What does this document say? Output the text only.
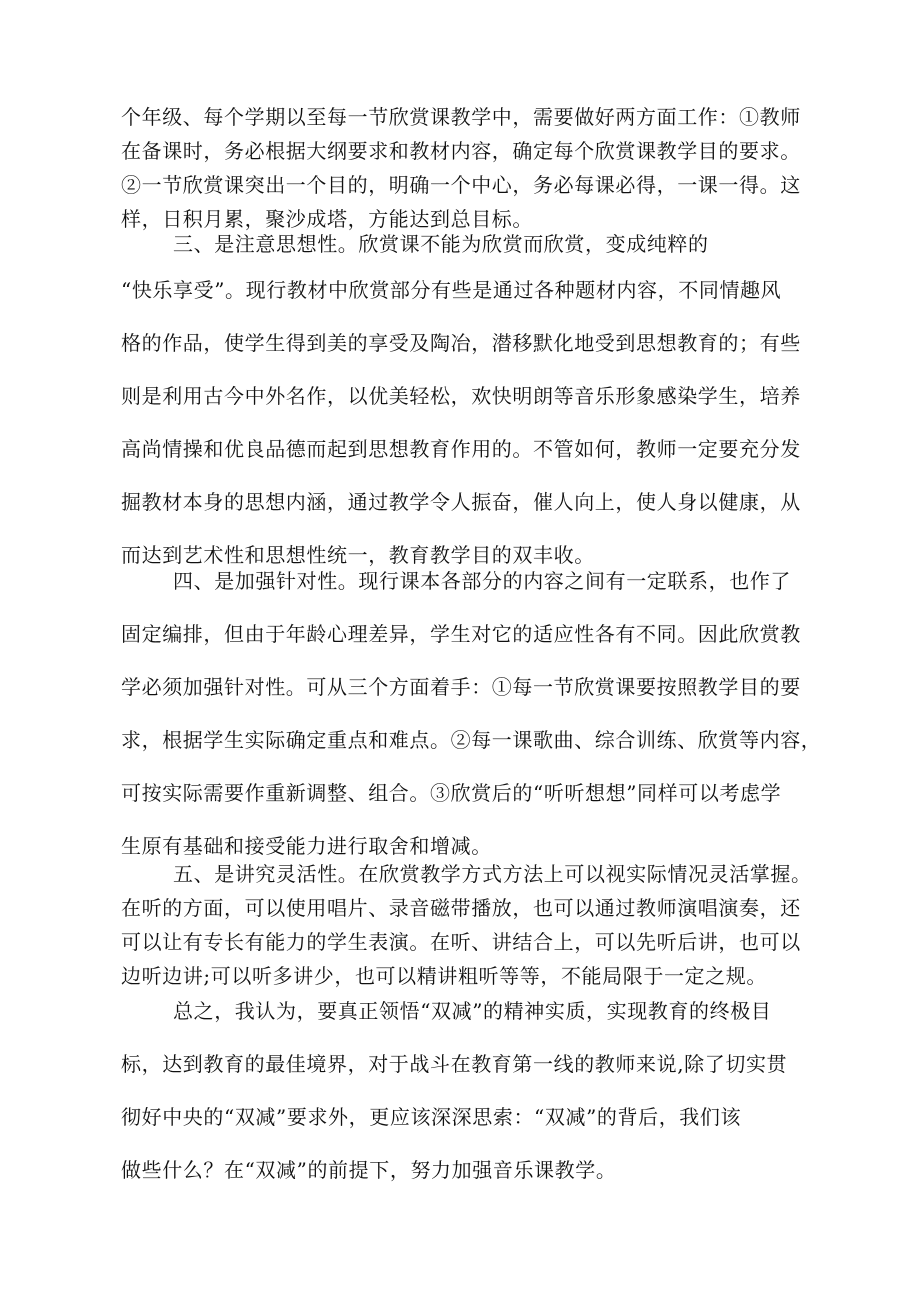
个年级、每个学期以至每一节欣赏课教学中，需要做好两方面工作：①教师
在备课时，务必根据大纲要求和教材内容，确定每个欣赏课教学目的要求。
②一节欣赏课突出一个目的，明确一个中心，务必每课必得，一课一得。这
样，日积月累，聚沙成塔，方能达到总目标。
三、是注意思想性。欣赏课不能为欣赏而欣赏，变成纯粹的
“快乐享受”。现行教材中欣赏部分有些是通过各种题材内容，不同情趣风
格的作品，使学生得到美的享受及陶冶，潜移默化地受到思想教育的；有些
则是利用古今中外名作，以优美轻松，欢快明朗等音乐形象感染学生，培养
高尚情操和优良品德而起到思想教育作用的。不管如何，教师一定要充分发
掘教材本身的思想内涵，通过教学令人振奋，催人向上，使人身以健康，从
而达到艺术性和思想性统一，教育教学目的双丰收。
四、是加强针对性。现行课本各部分的内容之间有一定联系，也作了
固定编排，但由于年龄心理差异，学生对它的适应性各有不同。因此欣赏教
学必须加强针对性。可从三个方面着手：①每一节欣赏课要按照教学目的要
求，根据学生实际确定重点和难点。②每一课歌曲、综合训练、欣赏等内容，
可按实际需要作重新调整、组合。③欣赏后的“听听想想”同样可以考虑学
生原有基础和接受能力进行取舍和增减。
五、是讲究灵活性。在欣赏教学方式方法上可以视实际情况灵活掌握。
在听的方面，可以使用唱片、录音磁带播放，也可以通过教师演唱演奏，还
可以让有专长有能力的学生表演。在听、讲结合上，可以先听后讲，也可以
边听边讲;可以听多讲少，也可以精讲粗听等等，不能局限于一定之规。
总之，我认为，要真正领悟“双减”的精神实质，实现教育的终极目
标，达到教育的最佳境界，对于战斗在教育第一线的教师来说,除了切实贯
彻好中央的“双减”要求外，更应该深深思索：“双减”的背后，我们该
做些什么？在“双减”的前提下，努力加强音乐课教学。
